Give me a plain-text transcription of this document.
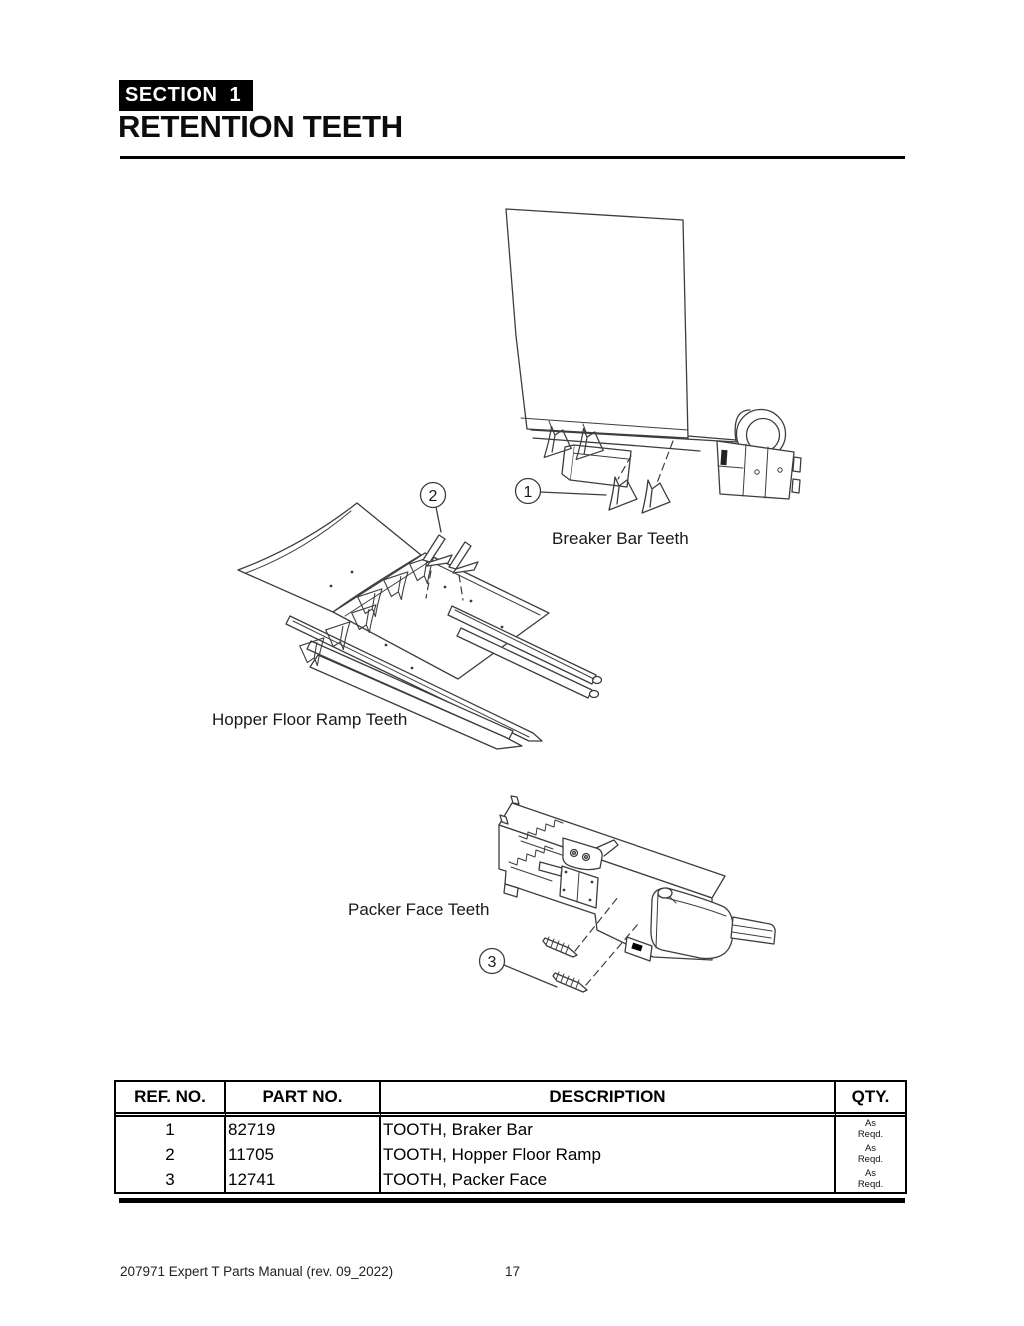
SECTION  1
RETENTION TEETH
1
2
3
Breaker Bar Teeth
Hopper Floor Ramp Teeth
Packer Face Teeth
REF. NO.	PART NO.	DESCRIPTION	QTY.
1	82719	TOOTH, Braker Bar	As
Reqd.

2	11705	TOOTH, Hopper Floor Ramp	As
Reqd.

3	12741	TOOTH, Packer Face	As
Reqd.
207971 Expert T Parts Manual (rev. 09_2022)	17
